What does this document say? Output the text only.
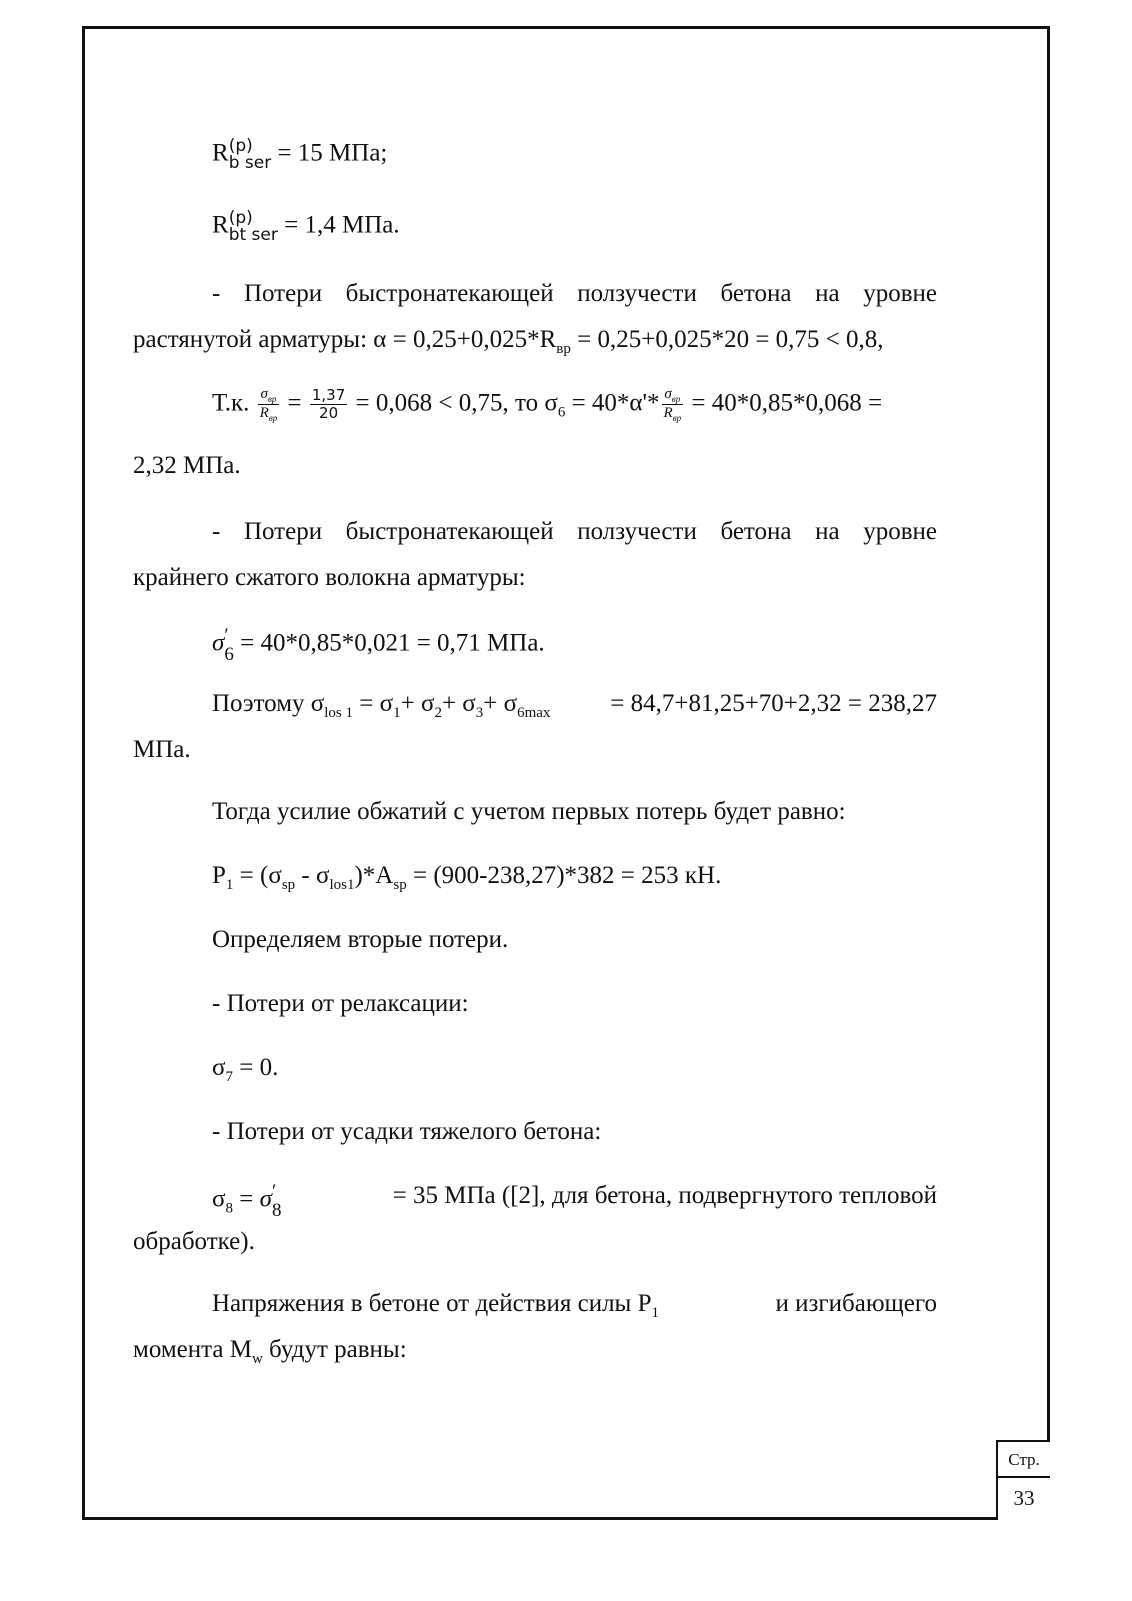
R (p)
b ser = 15 МПа;
R (p)
bt ser = 1,4 МПа.
- Потери быстронатекающей ползучести бетона на уровне
растянутой арматуры: $\alpha = 0,25+0,025*R_{вр} = 0,25+0,025*20 = 0,75 < 0,8$,
Т.к. $\frac{\sigma_{вр}}{R_{вр}} = \frac{1,37}{20} = 0,068 < 0,75$, то $\sigma_6 = 40*\alpha'* \frac{\sigma_{вр}}{R_{вр}} = 40*0,85*0,068$ =
2,32 МПа.
- Потери быстронатекающей ползучести бетона на уровне
крайнего сжатого волокна арматуры:
σ ′
6 = 40*0,85*0,021 = 0,71 МПа.
Поэтому $\sigma_{los 1} = \sigma_1+ \sigma_2+ \sigma_3+ \sigma_{6max} = 84,7+81,25+70+2,32 = 238,27$
МПа.
Тогда усилие обжатий с учетом первых потерь будет равно:
$P_1 = (\sigma_{sp} - \sigma_{los1})*A_{sp} = (900-238,27)*382 = 253$ кН.
Определяем вторые потери.
- Потери от релаксации:
$\sigma_7 = 0$.
- Потери от усадки тяжелого бетона:
$\sigma_8 = \sigma$ ′
8
= 35 МПа ([2], для бетона, подвергнутого тепловой
обработке).
Напряжения в бетоне от действия силы $P_1$	и изгибающего
момента $M_w$ будут равны:
Стр.
33
